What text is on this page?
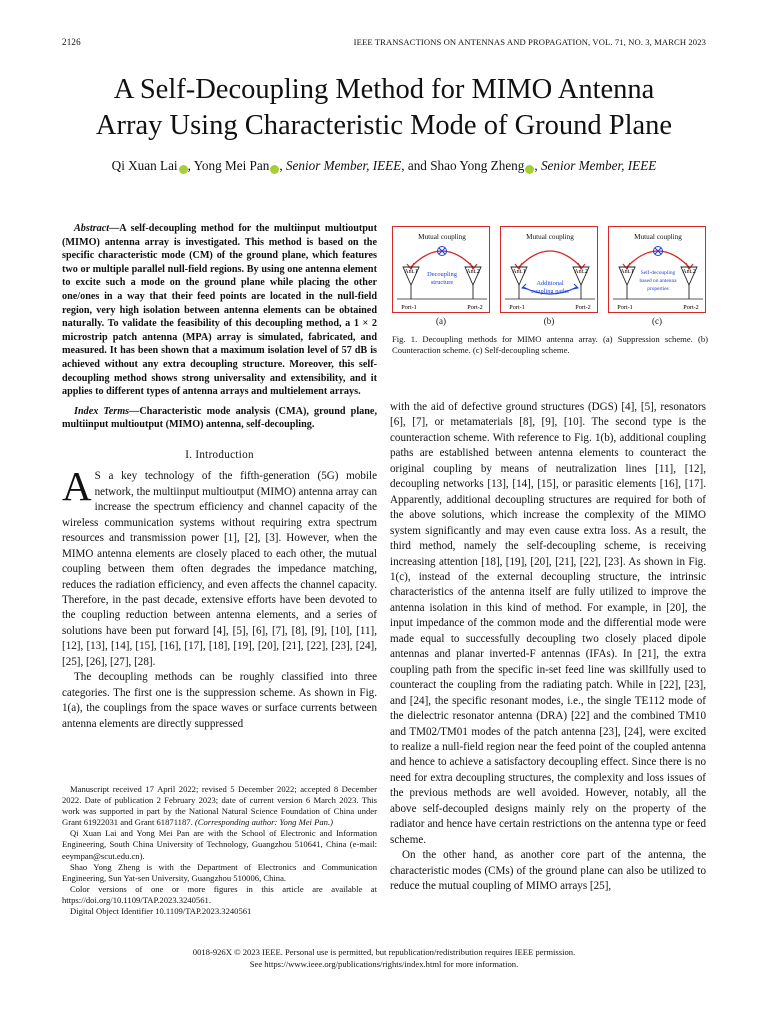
2126	IEEE TRANSACTIONS ON ANTENNAS AND PROPAGATION, VOL. 71, NO. 3, MARCH 2023
A Self-Decoupling Method for MIMO Antenna
Array Using Characteristic Mode of Ground Plane
Qi Xuan Lai , Yong Mei Pan , Senior Member, IEEE, and Shao Yong Zheng , Senior Member, IEEE

Abstract—A self-decoupling method for the multiinput multioutput (MIMO) antenna array is investigated. This method is based on the specific characteristic mode (CM) of the ground plane, which features two or multiple parallel null-field regions. By using one antenna element to excite such a mode on the ground plane while placing the other one/ones in a way that their feed points are located in the null-field region, very high isolation between antenna elements can be obtained naturally. To validate the feasibility of this decoupling method, a 1 × 2 microstrip patch antenna (MPA) array is simulated, fabricated, and measured. It has been shown that a maximum isolation level of 57 dB is achieved without any extra decoupling structure. Moreover, this self-decoupling method shows strong universality and extensibility, and it applies to different types of antenna arrays and multielement arrays.

Index Terms—Characteristic mode analysis (CMA), ground plane, multiinput multioutput (MIMO) antenna, self-decoupling.

I. Introduction

A S a key technology of the fifth-generation (5G) mobile network, the multiinput multioutput (MIMO) antenna array can increase the spectrum efficiency and channel capacity of the wireless communication systems without requiring extra spectrum resources and transmission power [1], [2], [3]. However, when the MIMO antenna elements are closely placed to each other, the mutual coupling between them often degrades the impedance matching, reduces the radiation efficiency, and even affects the channel capacity. Therefore, in the past decade, extensive efforts have been devoted to the coupling reduction between antenna elements, and a series of solutions have been put forward [4], [5], [6], [7], [8], [9], [10], [11], [12], [13], [14], [15], [16], [17], [18], [19], [20], [21], [22], [23], [24], [25], [26], [27], [28].

The decoupling methods can be roughly classified into three categories. The first one is the suppression scheme. As shown in Fig. 1(a), the couplings from the space waves or surface currents between antenna elements are directly suppressed

Manuscript received 17 April 2022; revised 5 December 2022; accepted 8 December 2022. Date of publication 2 February 2023; date of current version 6 March 2023. This work was supported in part by the National Natural Science Foundation of China under Grant 61922031 and Grant 61871187. (Corresponding author: Yong Mei Pan.)

Qi Xuan Lai and Yong Mei Pan are with the School of Electronic and Information Engineering, South China University of Technology, Guangzhou 510641, China (e-mail: eeympan@scut.edu.cn).

Shao Yong Zheng is with the Department of Electronics and Communication Engineering, Sun Yat-sen University, Guangzhou 510006, China.

Color versions of one or more figures in this article are available at https://doi.org/10.1109/TAP.2023.3240561.

Digital Object Identifier 10.1109/TAP.2023.3240561

Mutual coupling
Ant.1	Ant.2
Port-1	Port-2
Decoupling
structure
(a)
Mutual coupling
Ant.1	Ant.2
Port-1	Port-2
Additional
coupling paths
(b)
Mutual coupling
Ant.1	Ant.2
Port-1	Port-2
Self-decoupling
based on antenna
properties
(c)
Fig. 1. Decoupling methods for MIMO antenna array. (a) Suppression scheme. (b) Counteraction scheme. (c) Self-decoupling scheme.

with the aid of defective ground structures (DGS) [4], [5], resonators [6], [7], or metamaterials [8], [9], [10]. The second type is the counteraction scheme. With reference to Fig. 1(b), additional coupling paths are established between antenna elements to counteract the original coupling by means of neutralization lines [11], [12], decoupling networks [13], [14], [15], or parasitic elements [16], [17]. Apparently, additional decoupling structures are required for both of the above solutions, which increase the complexity of the MIMO system significantly and may even cause extra loss. As a result, the third method, namely the self-decoupling scheme, is receiving increasing attention [18], [19], [20], [21], [22], [23]. As shown in Fig. 1(c), instead of the external decoupling structure, the intrinsic characteristics of the antenna itself are fully utilized to improve the antenna isolation in this kind of method. For example, in [20], the input impedance of the common mode and the differential mode were made equal to successfully decoupling two closely placed dipole antennas and planar inverted-F antennas (IFAs). In [21], the extra coupling path from the specific in-set feed line was skillfully used to counteract the coupling from the radiating patch. While in [22], [23], and [24], the specific resonant modes, i.e., the single TE112 mode of the dielectric resonator antenna (DRA) [22] and the combined TM10 and TM02/TM01 modes of the patch antenna [23], [24], were excited to realize a null-field region near the feed point of the coupled antenna and hence to achieve a satisfactory decoupling effect. Since there is no need for extra decoupling structures, the complexity and loss issues of the previous methods are well avoided. However, notably, all the above self-decoupled designs mainly rely on the property of the radiator and hence have certain restrictions on the antenna type or feed scheme.

On the other hand, as another core part of the antenna, the characteristic modes (CMs) of the ground plane can also be utilized to reduce the mutual coupling of MIMO arrays [25],

0018-926X © 2023 IEEE. Personal use is permitted, but republication/redistribution requires IEEE permission.
See https://www.ieee.org/publications/rights/index.html for more information.
